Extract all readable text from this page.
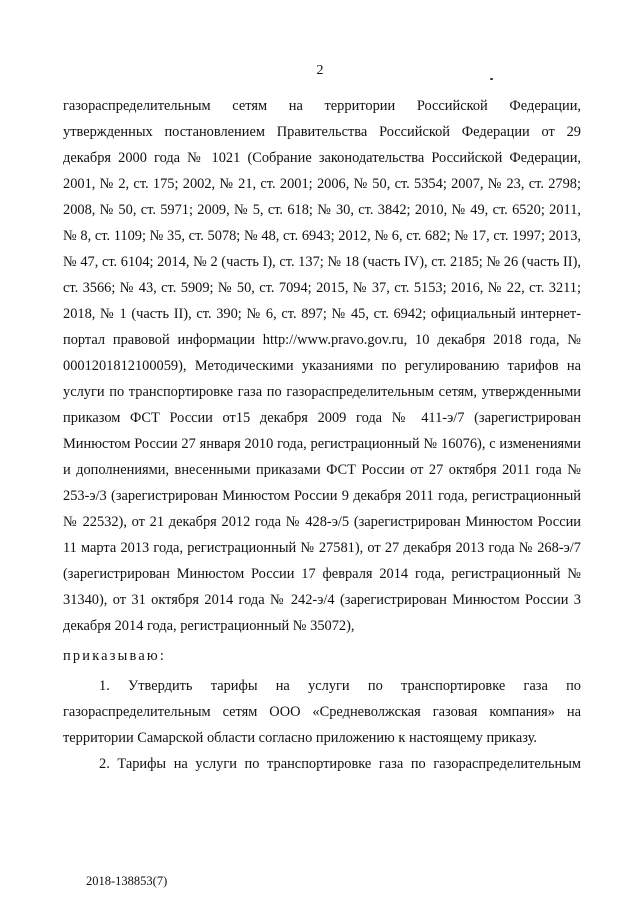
2

газораспределительным сетям на территории Российской Федерации, утвержденных постановлением Правительства Российской Федерации от 29 декабря 2000 года № 1021 (Собрание законодательства Российской Федерации, 2001, № 2, ст. 175; 2002, № 21, ст. 2001; 2006, № 50, ст. 5354; 2007, № 23, ст. 2798; 2008, № 50, ст. 5971; 2009, № 5, ст. 618; № 30, ст. 3842; 2010, № 49, ст. 6520; 2011, № 8, ст. 1109; № 35, ст. 5078; № 48, ст. 6943; 2012, № 6, ст. 682; № 17, ст. 1997; 2013, № 47, ст. 6104; 2014, № 2 (часть I), ст. 137; № 18 (часть IV), ст. 2185; № 26 (часть II), ст. 3566; № 43, ст. 5909; № 50, ст. 7094; 2015, № 37, ст. 5153; 2016, № 22, ст. 3211; 2018, № 1 (часть II), ст. 390; № 6, ст. 897; № 45, ст. 6942; официальный интернет-портал правовой информации http://www.pravo.gov.ru, 10 декабря 2018 года, № 0001201812100059), Методическими указаниями по регулированию тарифов на услуги по транспортировке газа по газораспределительным сетям, утвержденными приказом ФСТ России от15 декабря 2009 года № 411-э/7 (зарегистрирован Минюстом России 27 января 2010 года, регистрационный № 16076), с изменениями и дополнениями, внесенными приказами ФСТ России от 27 октября 2011 года № 253-э/3 (зарегистрирован Минюстом России 9 декабря 2011 года, регистрационный № 22532), от 21 декабря 2012 года № 428-э/5 (зарегистрирован Минюстом России 11 марта 2013 года, регистрационный № 27581), от 27 декабря 2013 года № 268-э/7 (зарегистрирован Минюстом России 17 февраля 2014 года, регистрационный № 31340), от 31 октября 2014 года № 242-э/4 (зарегистрирован Минюстом России 3 декабря 2014 года, регистрационный № 35072),

приказываю:

1. Утвердить тарифы на услуги по транспортировке газа по газораспределительным сетям ООО «Средневолжская газовая компания» на территории Самарской области согласно приложению к настоящему приказу.

2. Тарифы на услуги по транспортировке газа по газораспределительным

2018-138853(7)
